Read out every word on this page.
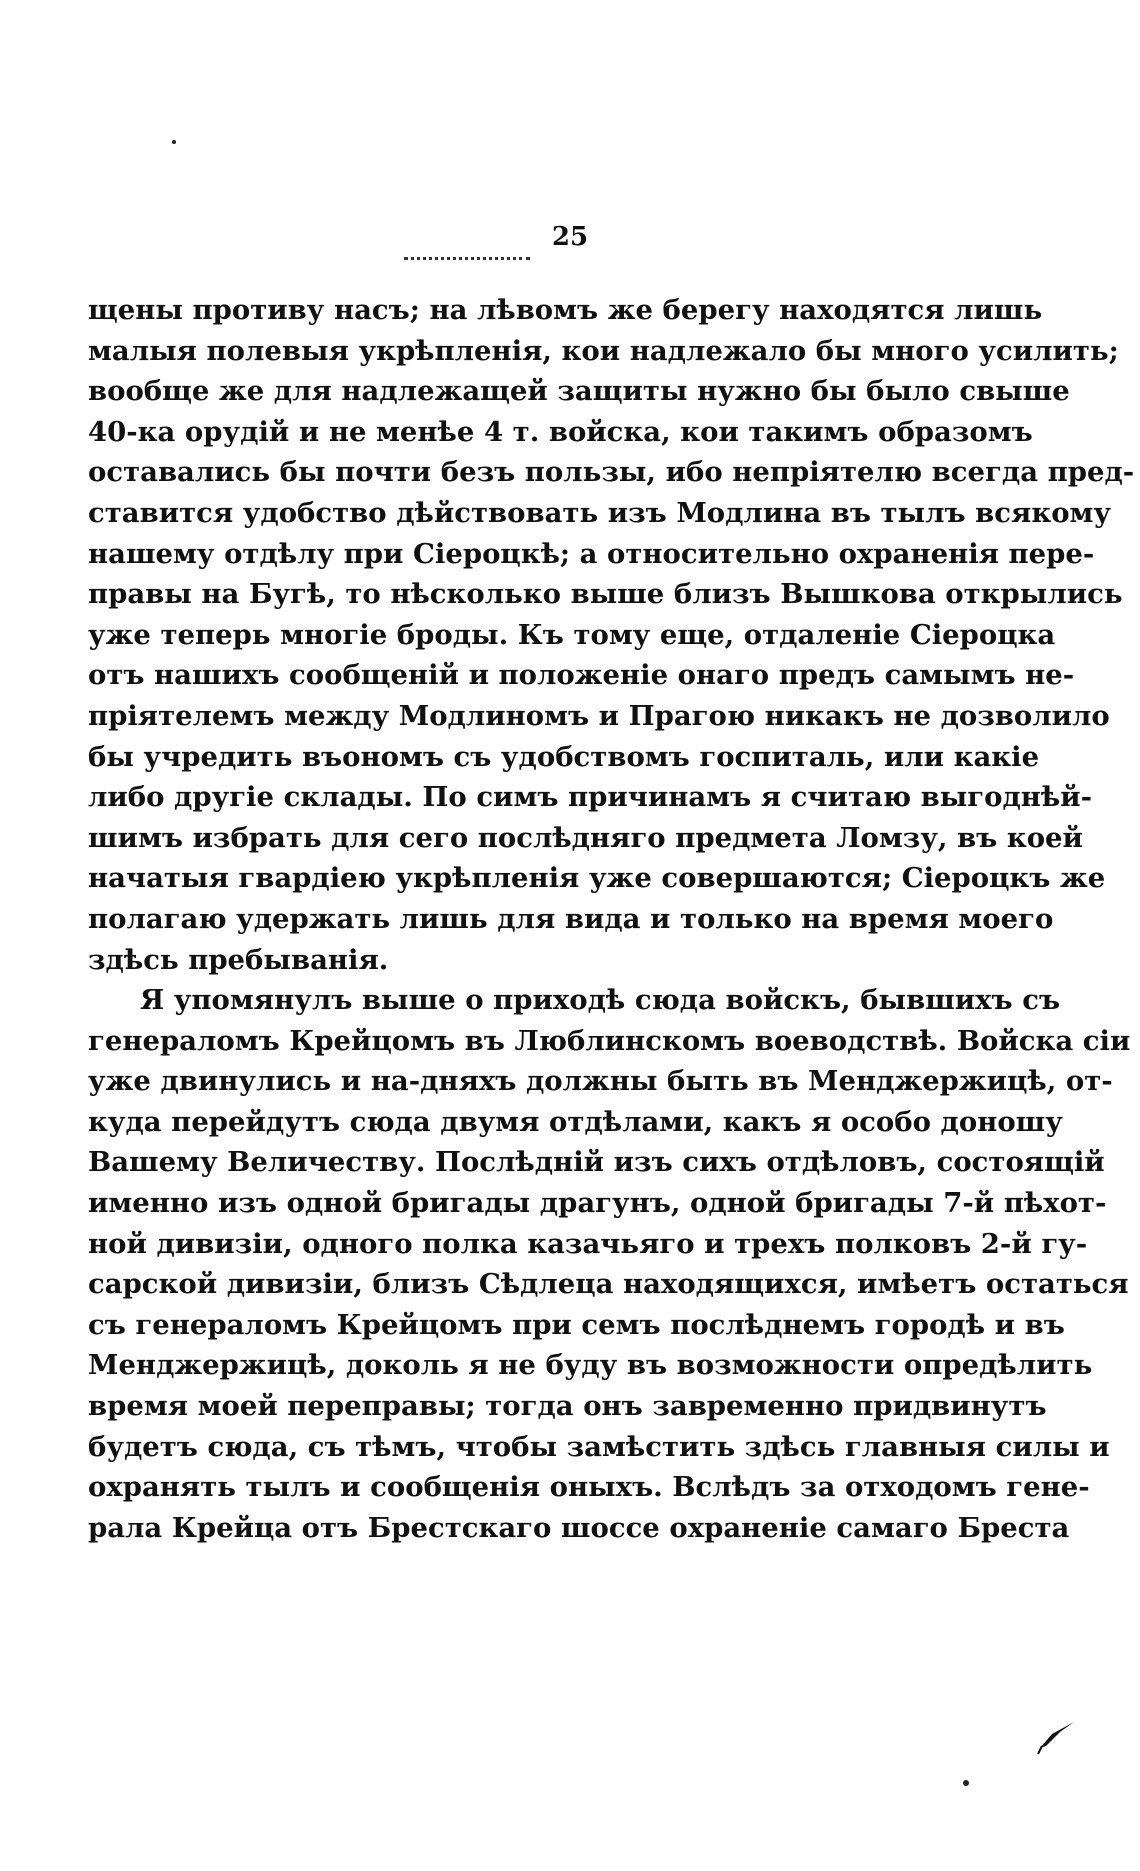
25
щены противу насъ; на лѣвомъ же берегу находятся лишь
малыя полевыя укрѣпленія, кои надлежало бы много усилить;
вообще же для надлежащей защиты нужно бы было свыше
40-ка орудій и не менѣе 4 т. войска, кои такимъ образомъ
оставались бы почти безъ пользы, ибо непріятелю всегда пред-
ставится удобство дѣйствовать изъ Модлина въ тылъ всякому
нашему отдѣлу при Сіероцкѣ; а относительно охраненія пере-
правы на Бугѣ, то нѣсколько выше близъ Вышкова открылись
уже теперь многіе броды. Къ тому еще, отдаленіе Сіероцка
отъ нашихъ сообщеній и положеніе онаго предъ самымъ не-
пріятелемъ между Модлиномъ и Прагою никакъ не дозволило
бы учредить въономъ съ удобствомъ госпиталь, или какіе
либо другіе склады. По симъ причинамъ я считаю выгоднѣй-
шимъ избрать для сего послѣдняго предмета Ломзу, въ коей
начатыя гвардіею укрѣпленія уже совершаются; Сіероцкъ же
полагаю удержать лишь для вида и только на время моего
здѣсь пребыванія.
Я упомянулъ выше о приходѣ сюда войскъ, бывшихъ съ
генераломъ Крейцомъ въ Люблинскомъ воеводствѣ. Войска сіи
уже двинулись и на-дняхъ должны быть въ Менджержицѣ, от-
куда перейдутъ сюда двумя отдѣлами, какъ я особо доношу
Вашему Величеству. Послѣдній изъ сихъ отдѣловъ, состоящій
именно изъ одной бригады драгунъ, одной бригады 7-й пѣхот-
ной дивизіи, одного полка казачьяго и трехъ полковъ 2-й гу-
сарской дивизіи, близъ Сѣдлеца находящихся, имѣетъ остаться
съ генераломъ Крейцомъ при семъ послѣднемъ городѣ и въ
Менджержицѣ, доколь я не буду въ возможности опредѣлить
время моей переправы; тогда онъ завременно придвинутъ
будетъ сюда, съ тѣмъ, чтобы замѣстить здѣсь главныя силы и
охранять тылъ и сообщенія оныхъ. Вслѣдъ за отходомъ гене-
рала Крейца отъ Брестскаго шоссе охраненіе самаго Бреста
